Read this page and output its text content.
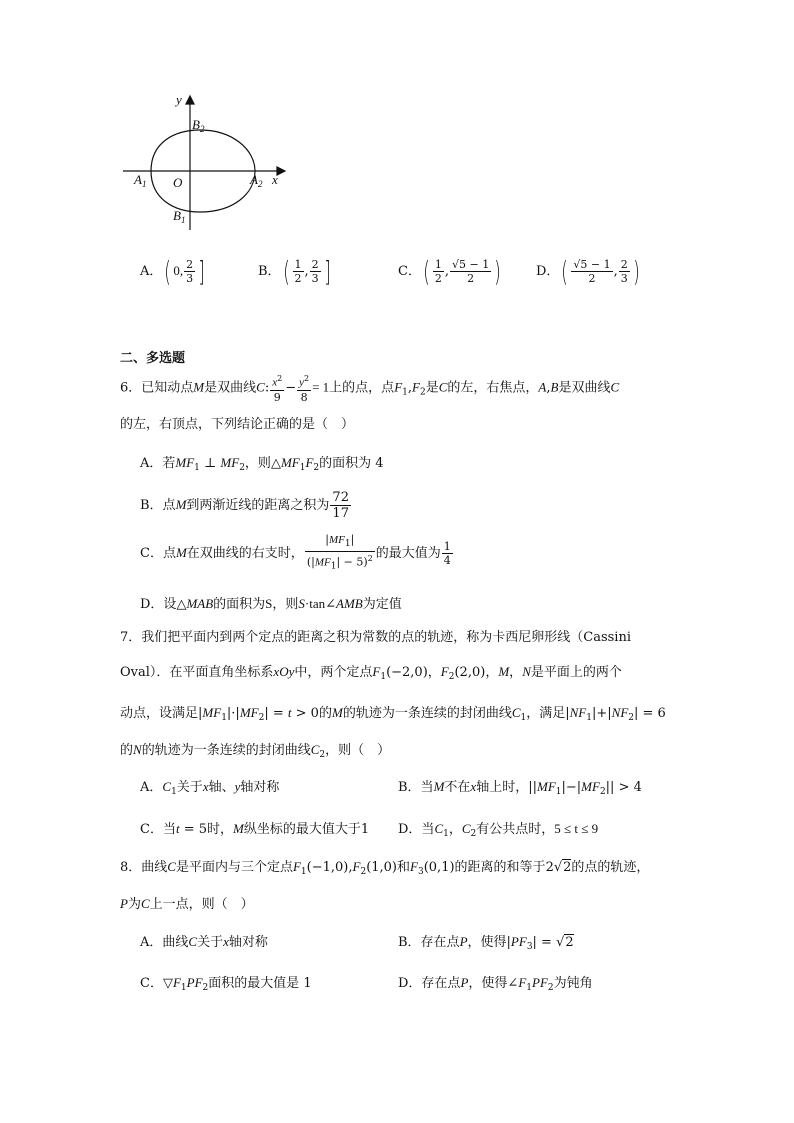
y
x
O
$B_2$
$B_1$
$A_1$	$A_2$
A．( 0, $\frac{2}{3}$ ]	B．( $\frac{1}{2}$ , $\frac{2}{3}$ ]	C．( $\frac{1}{2}$ , $\frac{√5 - 1}{2}$ )	D．( $\frac{√5 - 1}{2}$ , $\frac{2}{3}$ )
二、多选题
6．已知动点M是双曲线C: $\frac{x^2}{9} - \frac{y^2}{8} = 1$上的点，点$F_1,F_2$是C的左，右焦点，A,B是双曲线C
的左，右顶点，下列结论正确的是（　）
A．若$MF_1$ ⊥ $MF_2$，则$\triangle MF_1F_2$的面积为 4
B．点M到两渐近线的距离之积为 $\frac{72}{17}$
C．点M在双曲线的右支时， $\frac{|MF_1|}{(|MF_1| - 5)^2}$ 的最大值为 $\frac{1}{4}$
D．设△MAB的面积为S，则S·tan∠AMB为定值
7．我们把平面内到两个定点的距离之积为常数的点的轨迹，称为卡西尼卵形线（Cassini
Oval）．在平面直角坐标系xOy中，两个定点$F_1(-2,0)$，$F_2(2,0)$，M，N是平面上的两个
动点，设满足$|MF_1|\cdot|MF_2| = t > 0$的M的轨迹为一条连续的封闭曲线$C_1$，满足$|NF_1|+|NF_2| = 6$
的N的轨迹为一条连续的封闭曲线$C_2$，则（　）
A．$C_1$关于x轴、y轴对称	B．当M不在x轴上时，$||MF_1|-|MF_2|| > 4$
C．当t = 5时，M纵坐标的最大值大于1 D．当$C_1$，$C_2$有公共点时，5 ≤ t ≤ 9
8．曲线C是平面内与三个定点$F_1(-1,0),F_2(1,0)$和$F_3(0,1)$的距离的和等于2√2的点的轨迹，
P为C上一点，则（　）
A．曲线C关于x轴对称	B．存在点P，使得$|PF_3| = √2$
C．$▽F_1PF_2$面积的最大值是 1	D．存在点P，使得$\angle F_1PF_2$为钝角
